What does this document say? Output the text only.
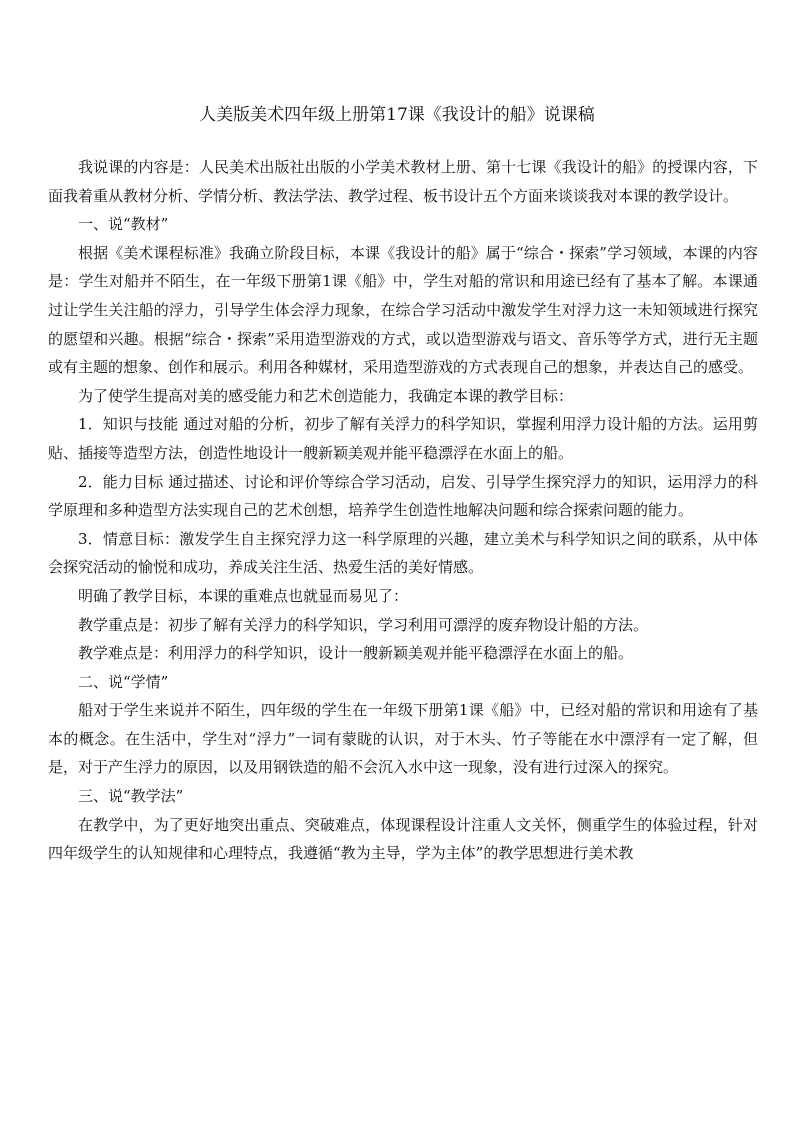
人美版美术四年级上册第17课《我设计的船》说课稿

我说课的内容是：人民美术出版社出版的小学美术教材上册、第十七课《我设计的船》的授课内容，下面我着重从教材分析、学情分析、教法学法、教学过程、板书设计五个方面来谈谈我对本课的教学设计。

一、说“教材”

根据《美术课程标准》我确立阶段目标，本课《我设计的船》属于“综合・探索”学习领域，本课的内容是：学生对船并不陌生，在一年级下册第1课《船》中，学生对船的常识和用途已经有了基本了解。本课通过让学生关注船的浮力，引导学生体会浮力现象，在综合学习活动中激发学生对浮力这一未知领域进行探究的愿望和兴趣。根据“综合・探索”采用造型游戏的方式，或以造型游戏与语文、音乐等学方式，进行无主题或有主题的想象、创作和展示。利用各种媒材，采用造型游戏的方式表现自己的想象，并表达自己的感受。

为了使学生提高对美的感受能力和艺术创造能力，我确定本课的教学目标：

1．知识与技能 通过对船的分析，初步了解有关浮力的科学知识，掌握利用浮力设计船的方法。运用剪贴、插接等造型方法，创造性地设计一艘新颖美观并能平稳漂浮在水面上的船。

2．能力目标 通过描述、讨论和评价等综合学习活动，启发、引导学生探究浮力的知识，运用浮力的科学原理和多种造型方法实现自己的艺术创想，培养学生创造性地解决问题和综合探索问题的能力。

3．情意目标：激发学生自主探究浮力这一科学原理的兴趣，建立美术与科学知识之间的联系，从中体会探究活动的愉悦和成功，养成关注生活、热爱生活的美好情感。

明确了教学目标，本课的重难点也就显而易见了：

教学重点是：初步了解有关浮力的科学知识，学习利用可漂浮的废弃物设计船的方法。

教学难点是：利用浮力的科学知识，设计一艘新颖美观并能平稳漂浮在水面上的船。

二、说“学情”

船对于学生来说并不陌生，四年级的学生在一年级下册第1课《船》中，已经对船的常识和用途有了基本的概念。在生活中，学生对“浮力”一词有蒙眬的认识，对于木头、竹子等能在水中漂浮有一定了解，但是，对于产生浮力的原因，以及用钢铁造的船不会沉入水中这一现象，没有进行过深入的探究。

三、说“教学法”

在教学中，为了更好地突出重点、突破难点，体现课程设计注重人文关怀，侧重学生的体验过程，针对四年级学生的认知规律和心理特点，我遵循“教为主导，学为主体”的教学思想进行美术教
